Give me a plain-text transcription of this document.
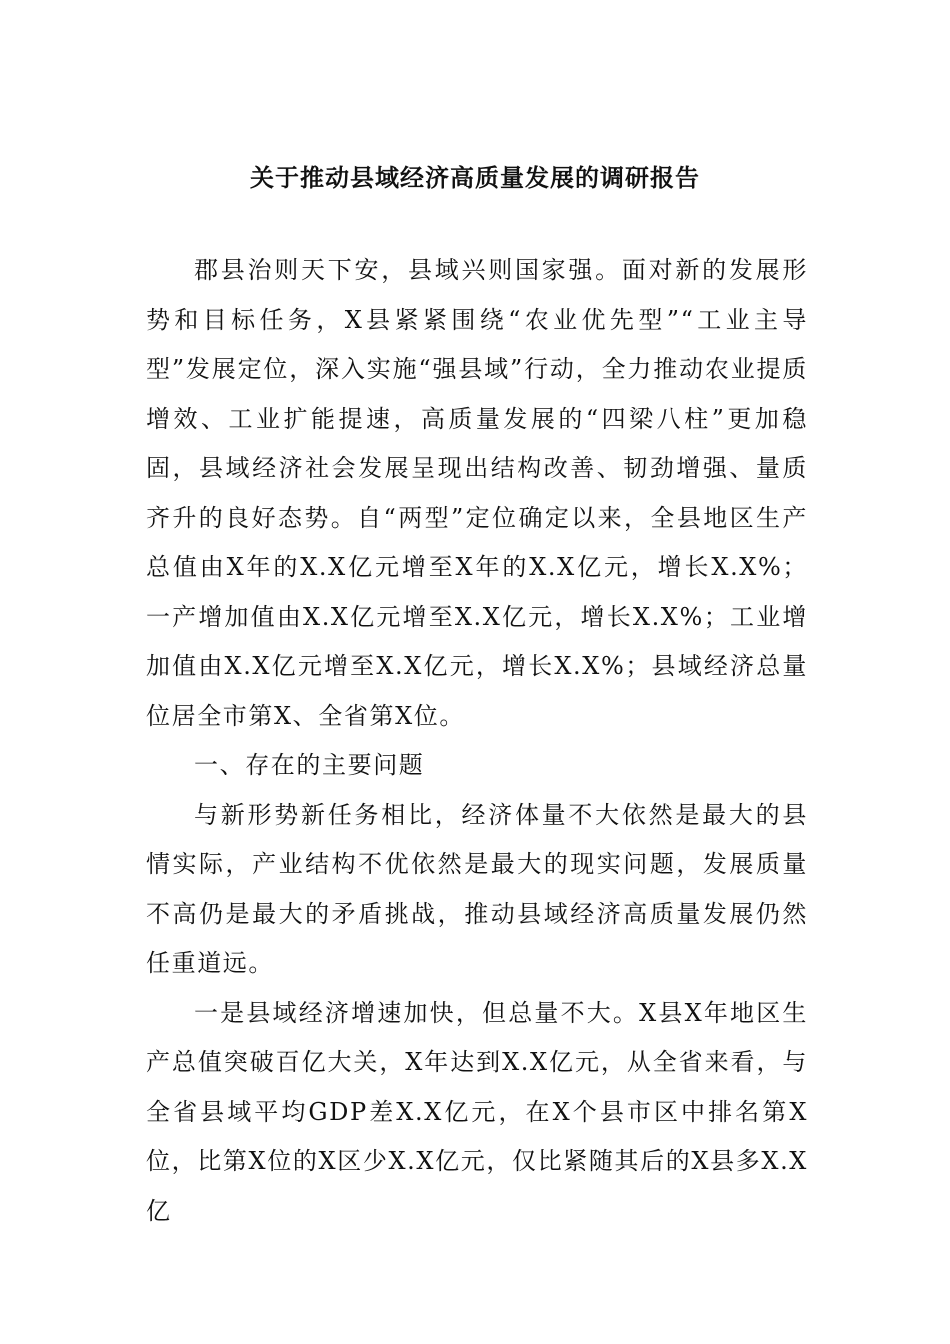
关于推动县域经济高质量发展的调研报告

郡县治则天下安，县域兴则国家强。面对新的发展形势和目标任务，X县紧紧围绕“农业优先型”“工业主导型”发展定位，深入实施“强县域”行动，全力推动农业提质增效、工业扩能提速，高质量发展的“四梁八柱”更加稳固，县域经济社会发展呈现出结构改善、韧劲增强、量质齐升的良好态势。自“两型”定位确定以来，全县地区生产总值由X年的X.X亿元增至X年的X.X亿元，增长X.X%；一产增加值由X.X亿元增至X.X亿元，增长X.X%；工业增加值由X.X亿元增至X.X亿元，增长X.X%；县域经济总量位居全市第X、全省第X位。

一、存在的主要问题

与新形势新任务相比，经济体量不大依然是最大的县情实际，产业结构不优依然是最大的现实问题，发展质量不高仍是最大的矛盾挑战，推动县域经济高质量发展仍然任重道远。

一是县域经济增速加快，但总量不大。X县X年地区生产总值突破百亿大关，X年达到X.X亿元，从全省来看，与全省县域平均GDP差X.X亿元，在X个县市区中排名第X位，比第X位的X区少X.X亿元，仅比紧随其后的X县多X.X亿
